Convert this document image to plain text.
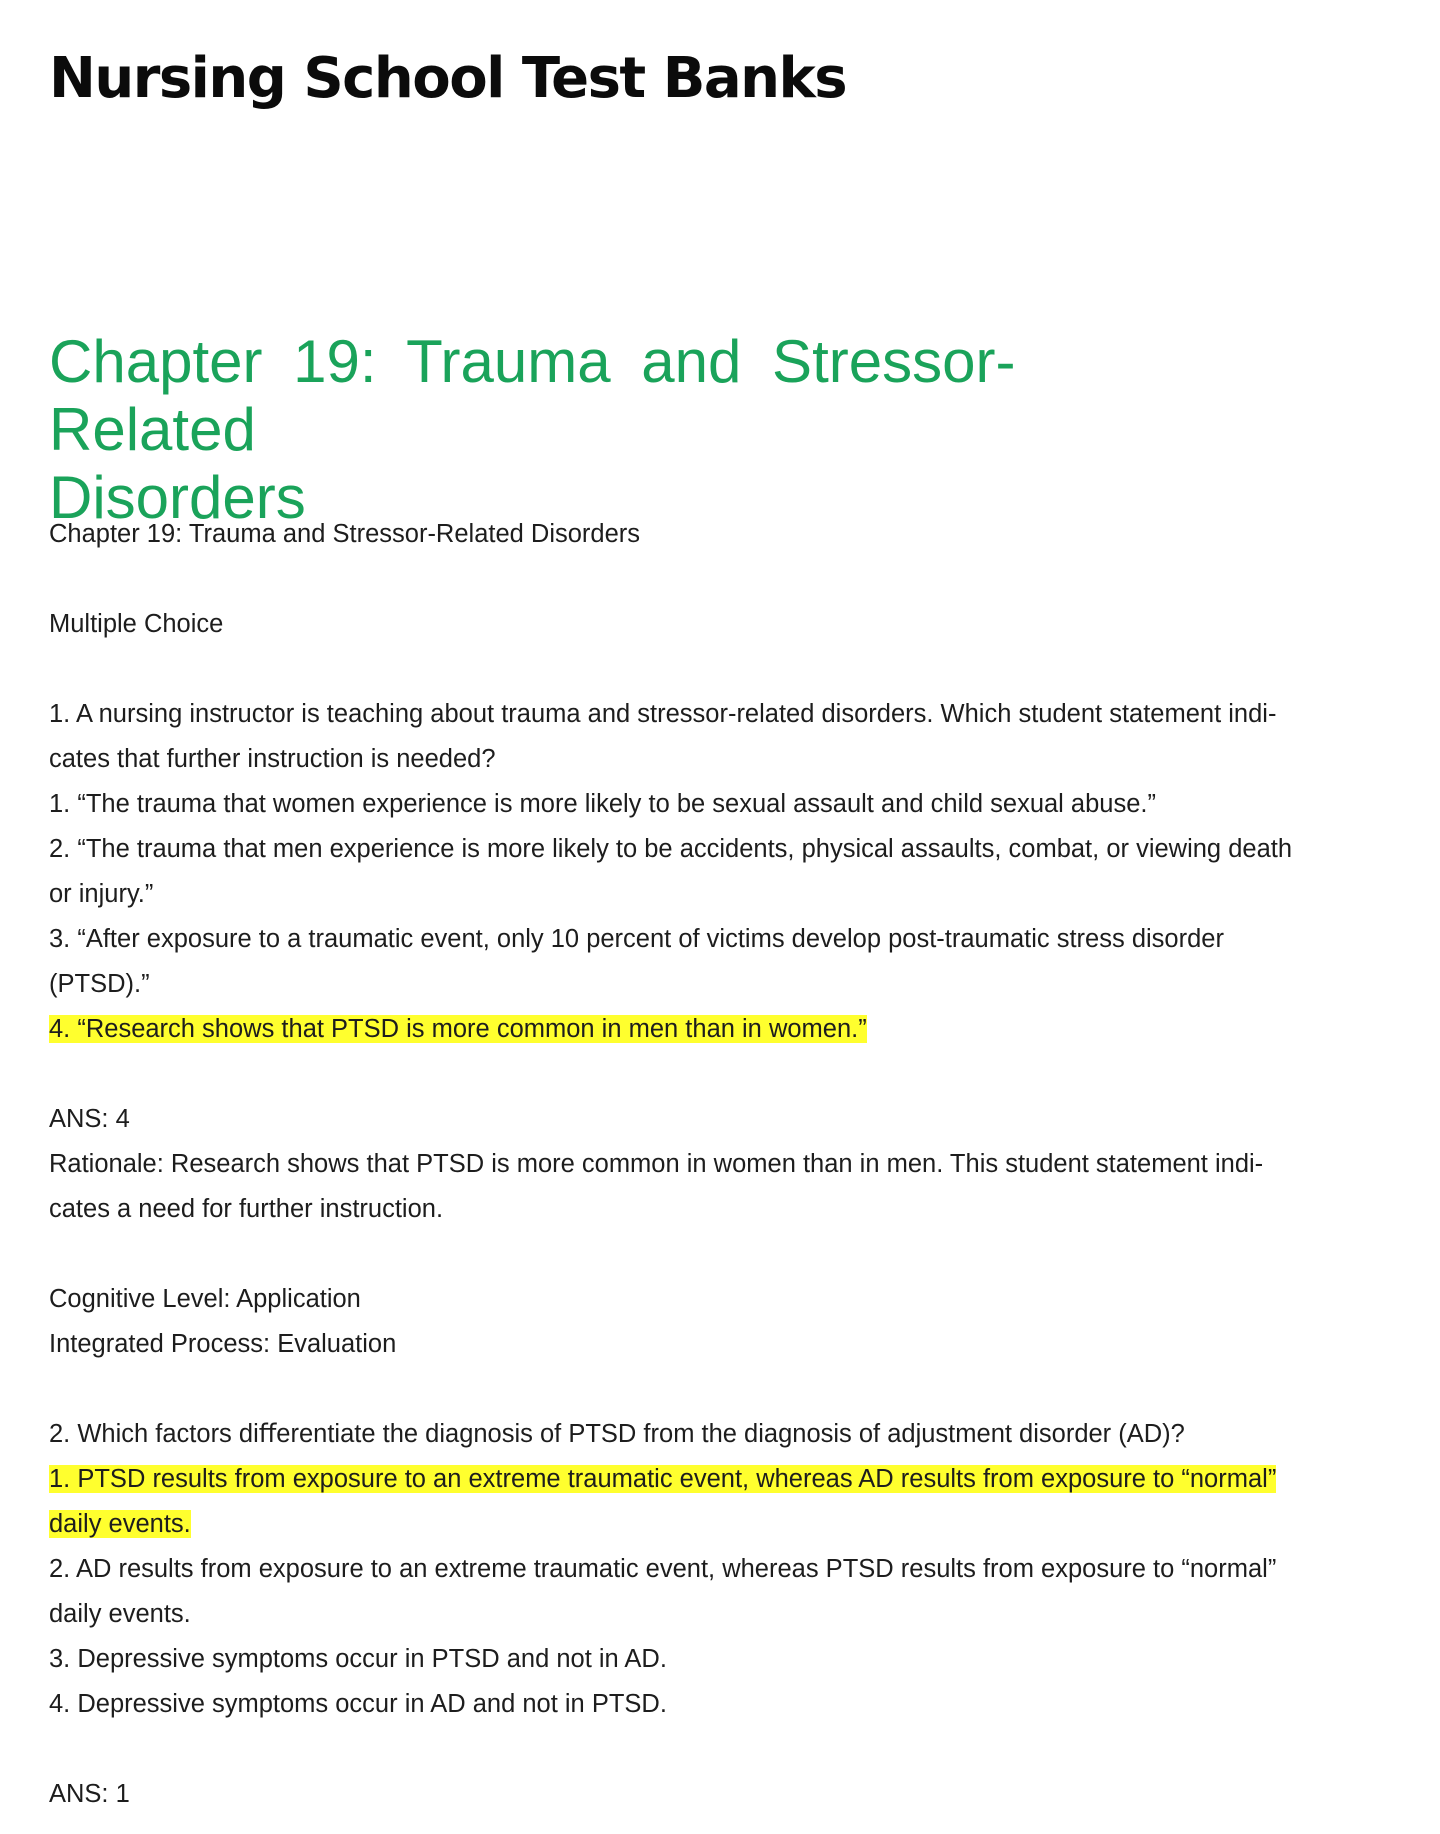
Nursing School Test Banks
Chapter 19: Trauma and Stressor-Related
Disorders
Chapter 19: Trauma and Stressor-Related Disorders
Multiple Choice
1. A nursing instructor is teaching about trauma and stressor-related disorders. Which student statement indi-
cates that further instruction is needed?
1. “The trauma that women experience is more likely to be sexual assault and child sexual abuse.”
2. “The trauma that men experience is more likely to be accidents, physical assaults, combat, or viewing death
or injury.”
3. “After exposure to a traumatic event, only 10 percent of victims develop post-traumatic stress disorder
(PTSD).”
4. “Research shows that PTSD is more common in men than in women.”
ANS: 4
Rationale: Research shows that PTSD is more common in women than in men. This student statement indi-
cates a need for further instruction.
Cognitive Level: Application
Integrated Process: Evaluation
2. Which factors diﬀerentiate the diagnosis of PTSD from the diagnosis of adjustment disorder (AD)?
1. PTSD results from exposure to an extreme traumatic event, whereas AD results from exposure to “normal”
daily events.
2. AD results from exposure to an extreme traumatic event, whereas PTSD results from exposure to “normal”
daily events.
3. Depressive symptoms occur in PTSD and not in AD.
4. Depressive symptoms occur in AD and not in PTSD.
ANS: 1
